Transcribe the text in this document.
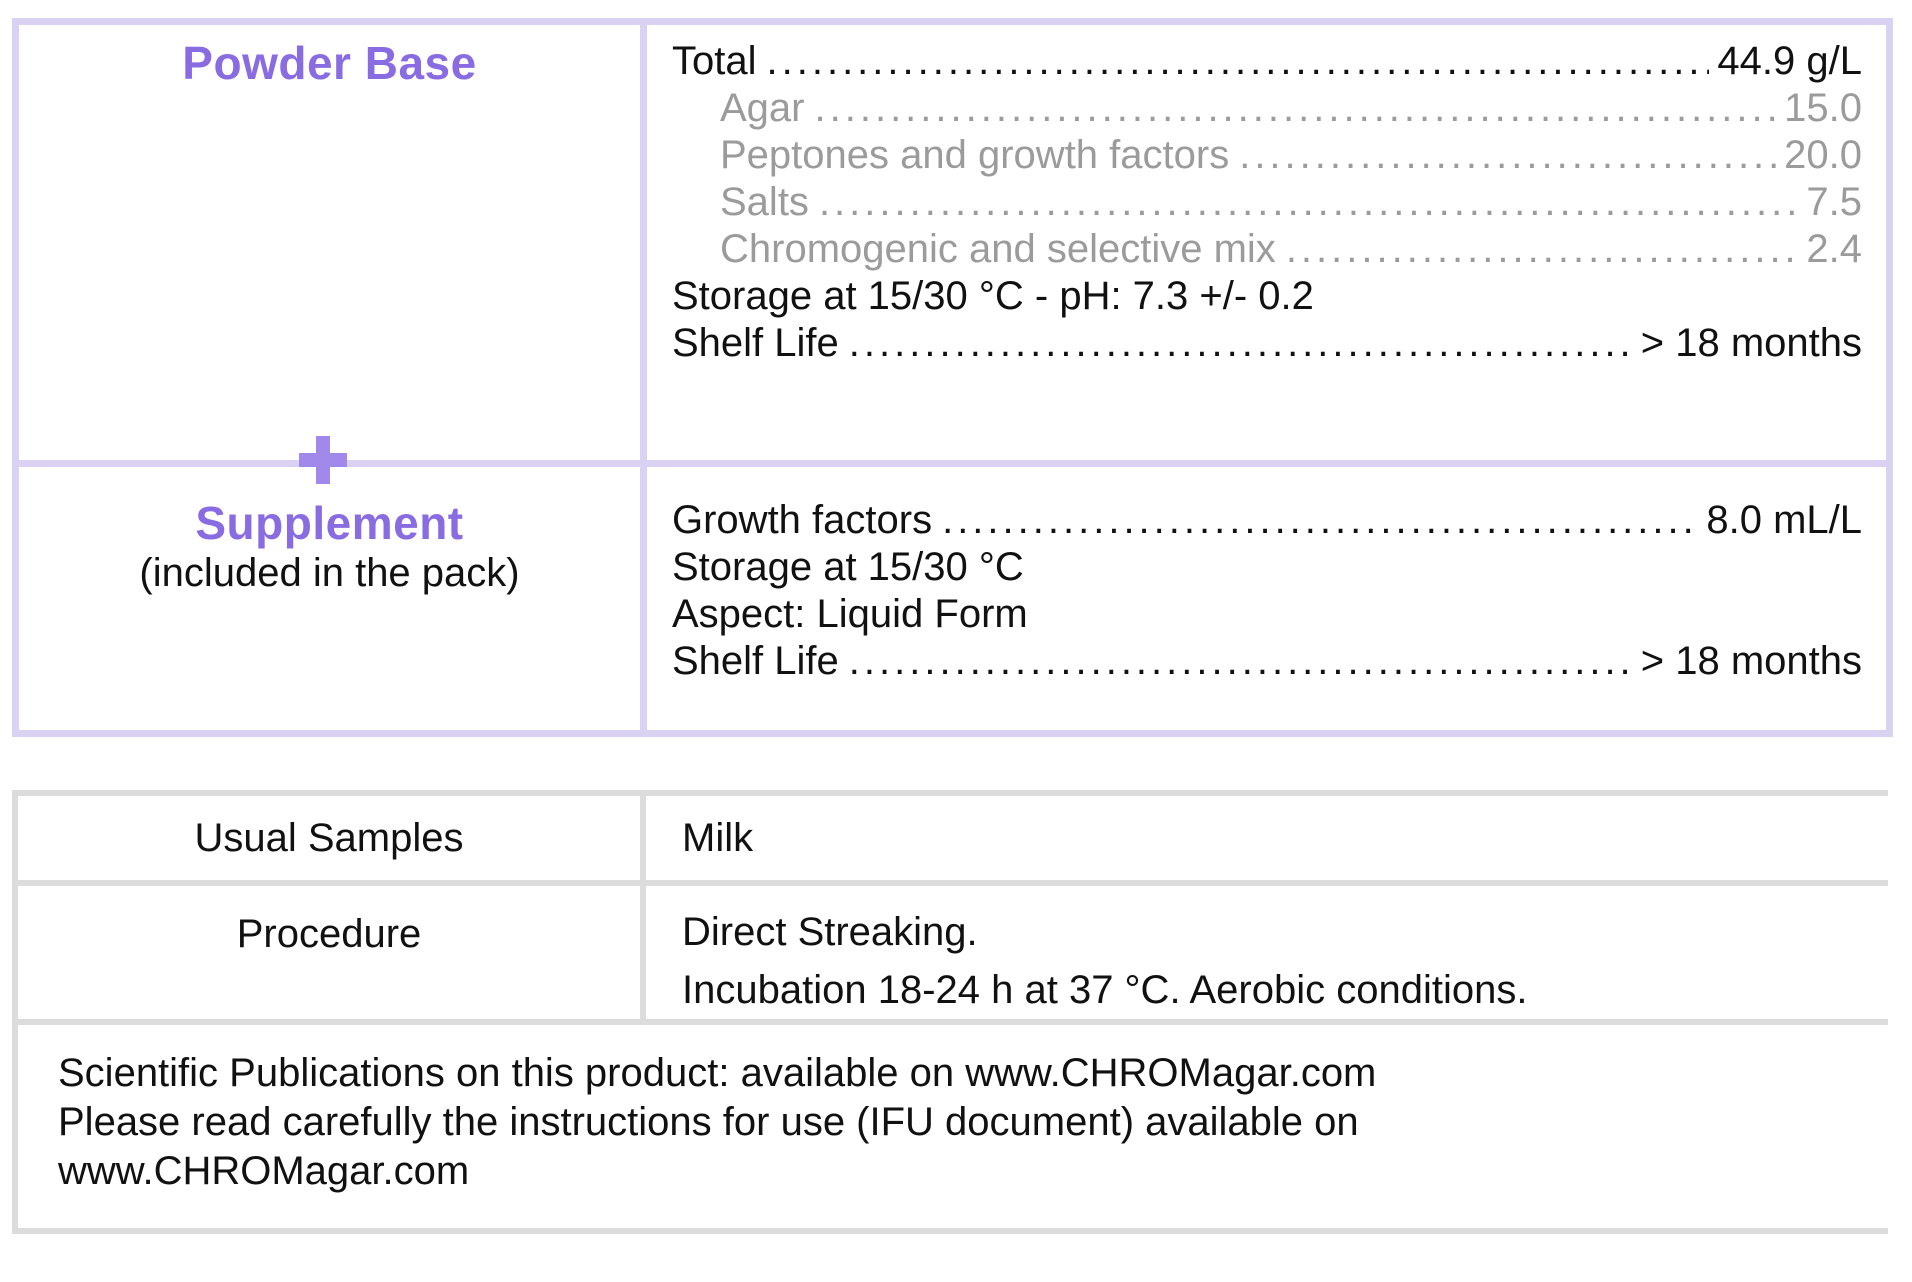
Powder Base	Total .....	44.9 g/L
Agar .....	15.0
Peptones and growth factors .....	20.0
Salts .....	7.5
Chromogenic and selective mix .....	2.4
Storage at 15/30 °C - pH: 7.3 +/- 0.2
Shelf Life .....	> 18 months
Supplement
(included in the pack)
Growth factors .....	8.0 mL/L
Storage at 15/30 °C
Aspect: Liquid Form
Shelf Life .....	> 18 months
Usual Samples	Milk
Procedure	Direct Streaking.
Incubation 18-24 h at 37 °C. Aerobic conditions.
Scientific Publications on this product: available on www.CHROMagar.com
Please read carefully the instructions for use (IFU document) available on
www.CHROMagar.com
